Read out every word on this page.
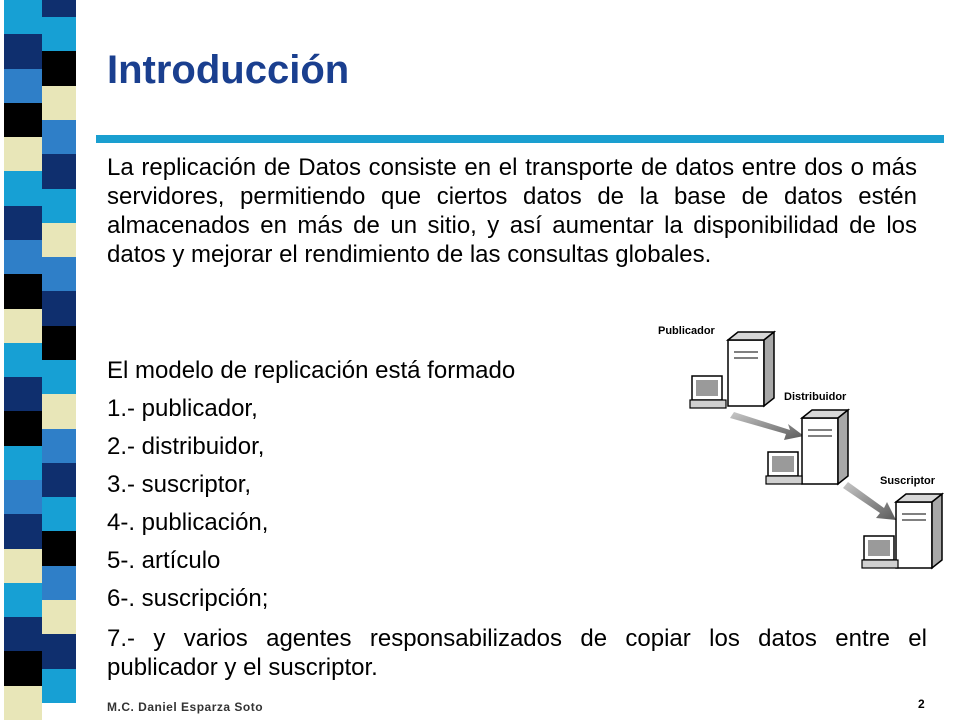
Introducción
La replicación de Datos consiste en el transporte de datos entre dos o más servidores, permitiendo que ciertos datos de la base de datos estén almacenados en más de un sitio, y así aumentar la disponibilidad de los datos y mejorar el rendimiento de las consultas globales.
El modelo de replicación está formado
1.- publicador,
2.- distribuidor,
3.- suscriptor,
4-. publicación,
5-. artículo
6-. suscripción;
7.- y varios agentes responsabilizados de copiar los datos entre el publicador y el suscriptor.
Publicador
Distribuidor
Suscriptor
M.C. Daniel Esparza Soto	2
